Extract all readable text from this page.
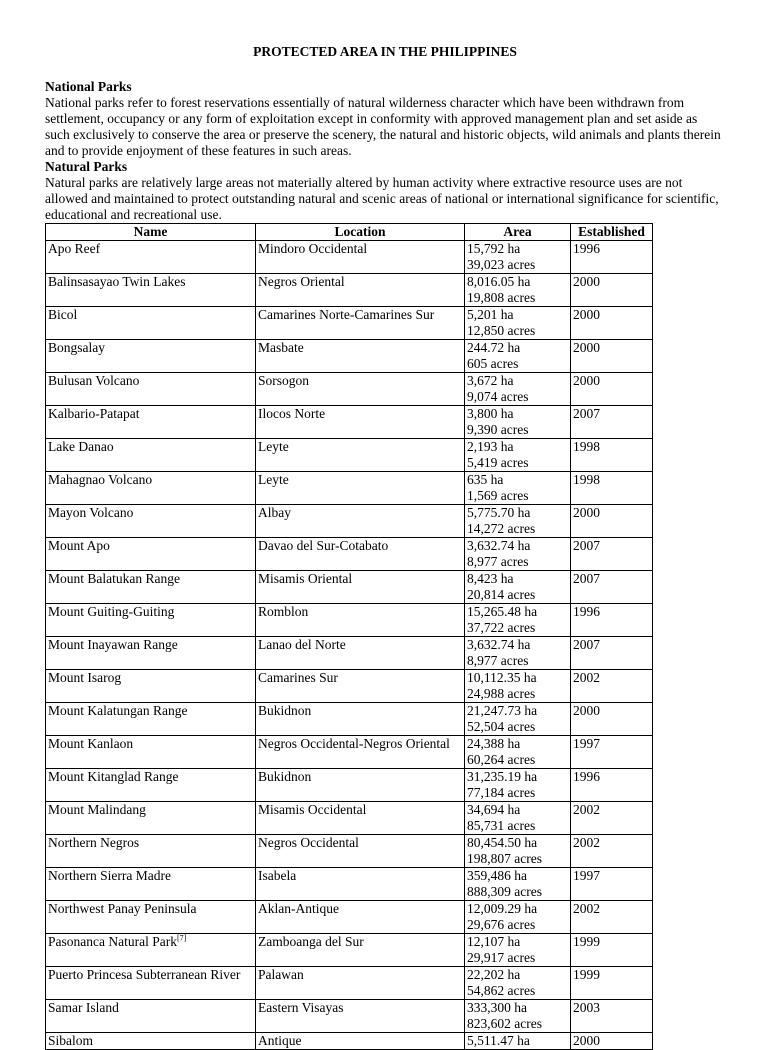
PROTECTED AREA IN THE PHILIPPINES

National Parks

National parks refer to forest reservations essentially of natural wilderness character which have been withdrawn from settlement, occupancy or any form of exploitation except in conformity with approved management plan and set aside as such exclusively to conserve the area or preserve the scenery, the natural and historic objects, wild animals and plants therein and to provide enjoyment of these features in such areas.

Natural Parks

Natural parks are relatively large areas not materially altered by human activity where extractive resource uses are not allowed and maintained to protect outstanding natural and scenic areas of national or international significance for scientific, educational and recreational use.

Name	Location	Area	Established
Apo Reef	Mindoro Occidental	15,792 ha
39,023 acres	1996
Balinsasayao Twin Lakes	Negros Oriental	8,016.05 ha
19,808 acres	2000
Bicol	Camarines Norte-Camarines Sur	5,201 ha
12,850 acres	2000
Bongsalay	Masbate	244.72 ha
605 acres	2000
Bulusan Volcano	Sorsogon	3,672 ha
9,074 acres	2000
Kalbario-Patapat	Ilocos Norte	3,800 ha
9,390 acres	2007
Lake Danao	Leyte	2,193 ha
5,419 acres	1998
Mahagnao Volcano	Leyte	635 ha
1,569 acres	1998
Mayon Volcano	Albay	5,775.70 ha
14,272 acres	2000
Mount Apo	Davao del Sur-Cotabato	3,632.74 ha
8,977 acres	2007
Mount Balatukan Range	Misamis Oriental	8,423 ha
20,814 acres	2007
Mount Guiting-Guiting	Romblon	15,265.48 ha
37,722 acres	1996
Mount Inayawan Range	Lanao del Norte	3,632.74 ha
8,977 acres	2007
Mount Isarog	Camarines Sur	10,112.35 ha
24,988 acres	2002
Mount Kalatungan Range	Bukidnon	21,247.73 ha
52,504 acres	2000
Mount Kanlaon	Negros Occidental-Negros Oriental	24,388 ha
60,264 acres	1997
Mount Kitanglad Range	Bukidnon	31,235.19 ha
77,184 acres	1996
Mount Malindang	Misamis Occidental	34,694 ha
85,731 acres	2002
Northern Negros	Negros Occidental	80,454.50 ha
198,807 acres	2002
Northern Sierra Madre	Isabela	359,486 ha
888,309 acres	1997
Northwest Panay Peninsula	Aklan-Antique	12,009.29 ha
29,676 acres	2002
Pasonanca Natural Park[7]	Zamboanga del Sur	12,107 ha
29,917 acres	1999
Puerto Princesa Subterranean River	Palawan	22,202 ha
54,862 acres	1999
Samar Island	Eastern Visayas	333,300 ha
823,602 acres	2003
Sibalom	Antique	5,511.47 ha	2000
